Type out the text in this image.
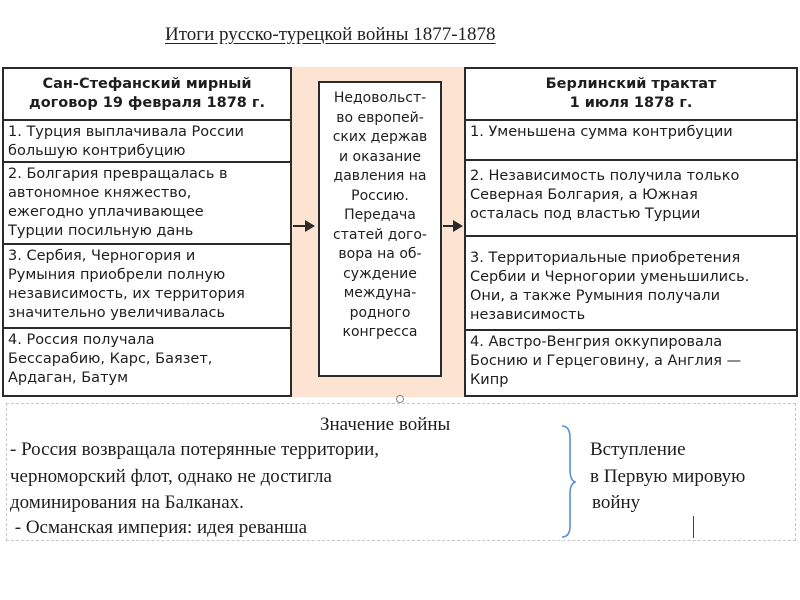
Итоги русско-турецкой войны 1877-1878
Сан-Стефанский мирный
договор 19 февраля 1878 г.
1. Турция выплачивала России
большую контрибуцию
2. Болгария превращалась в
автономное княжество,
ежегодно уплачивающее
Турции посильную дань
3. Сербия, Черногория и
Румыния приобрели полную
независимость, их территория
значительно увеличивалась
4. Россия получала
Бессарабию, Карс, Баязет,
Ардаган, Батум
Недовольст-
во европей-
ских держав
и оказание
давления на
Россию.
Передача
статей дого-
вора на об-
суждение
междуна-
родного
конгресса
Берлинский трактат
1 июля 1878 г.
1. Уменьшена сумма контрибуции
2. Независимость получила только
Северная Болгария, а Южная
осталась под властью Турции
3. Территориальные приобретения
Сербии и Черногории уменьшились.
Они, а также Румыния получали
независимость
4. Австро-Венгрия оккупировала
Боснию и Герцеговину, а Англия —
Кипр
Значение войны
- Россия возвращала потерянные территории,
черноморский флот, однако не достигла
доминирования на Балканах.
- Османская империя: идея реванша
Вступление
в Первую мировую
войну
